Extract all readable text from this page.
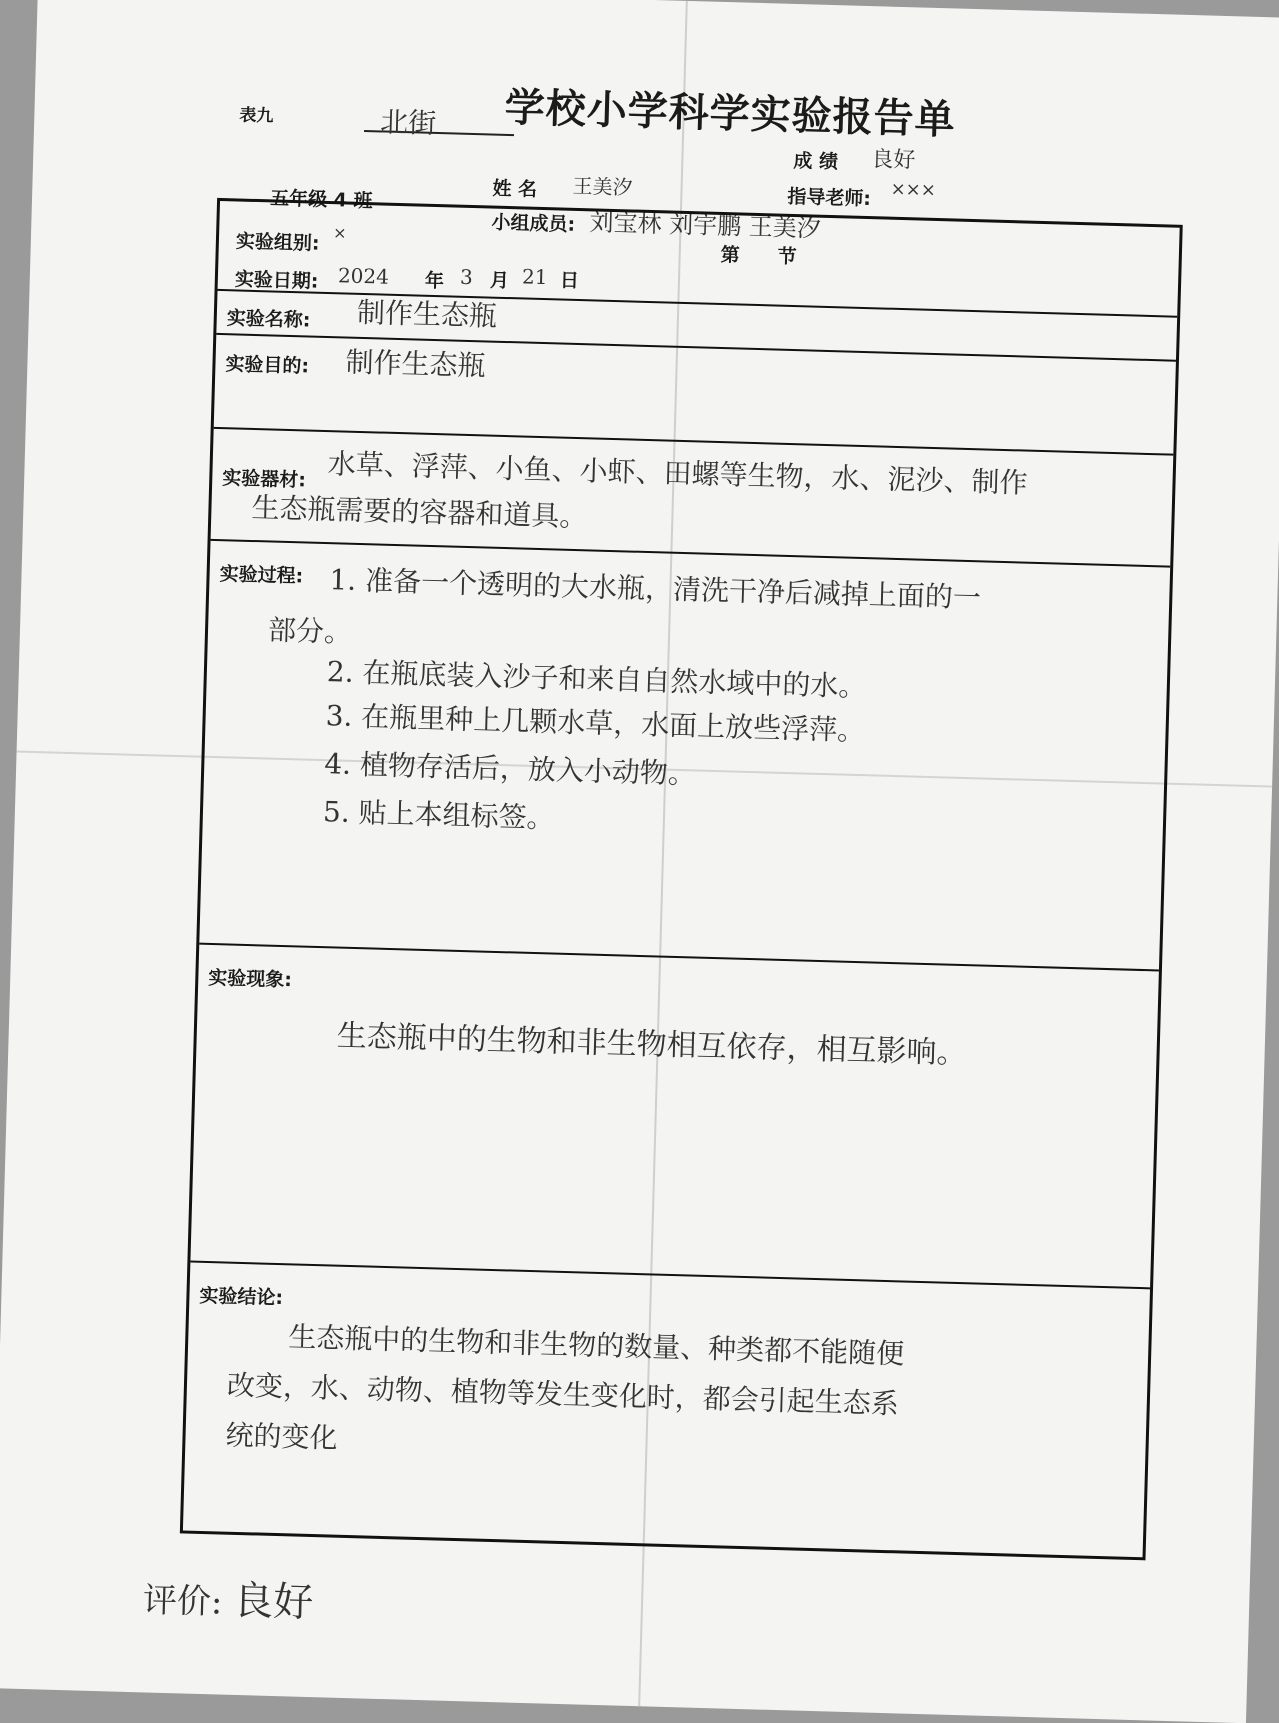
表九	北街 学校小学科学实验报告单
成 绩 良好
姓 名 王美汐
五年级 4 班	指导老师: ×××
小组成员: 刘宝林 刘宇鹏 王美汐
实验组别: ×
第　　节
实验日期: 2024 年 3 月 21 日
实验名称: 制作生态瓶
实验目的: 制作生态瓶
实验器材: 水草、浮萍、小鱼、小虾、田螺等生物，水、泥沙、制作
生态瓶需要的容器和道具。
实验过程: 1. 准备一个透明的大水瓶，清洗干净后减掉上面的一
部分。
2. 在瓶底装入沙子和来自自然水域中的水。
3. 在瓶里种上几颗水草，水面上放些浮萍。
4. 植物存活后，放入小动物。
5. 贴上本组标签。
实验现象:
生态瓶中的生物和非生物相互依存，相互影响。
实验结论:
生态瓶中的生物和非生物的数量、种类都不能随便
改变，水、动物、植物等发生变化时，都会引起生态系
统的变化
评价: 良好
